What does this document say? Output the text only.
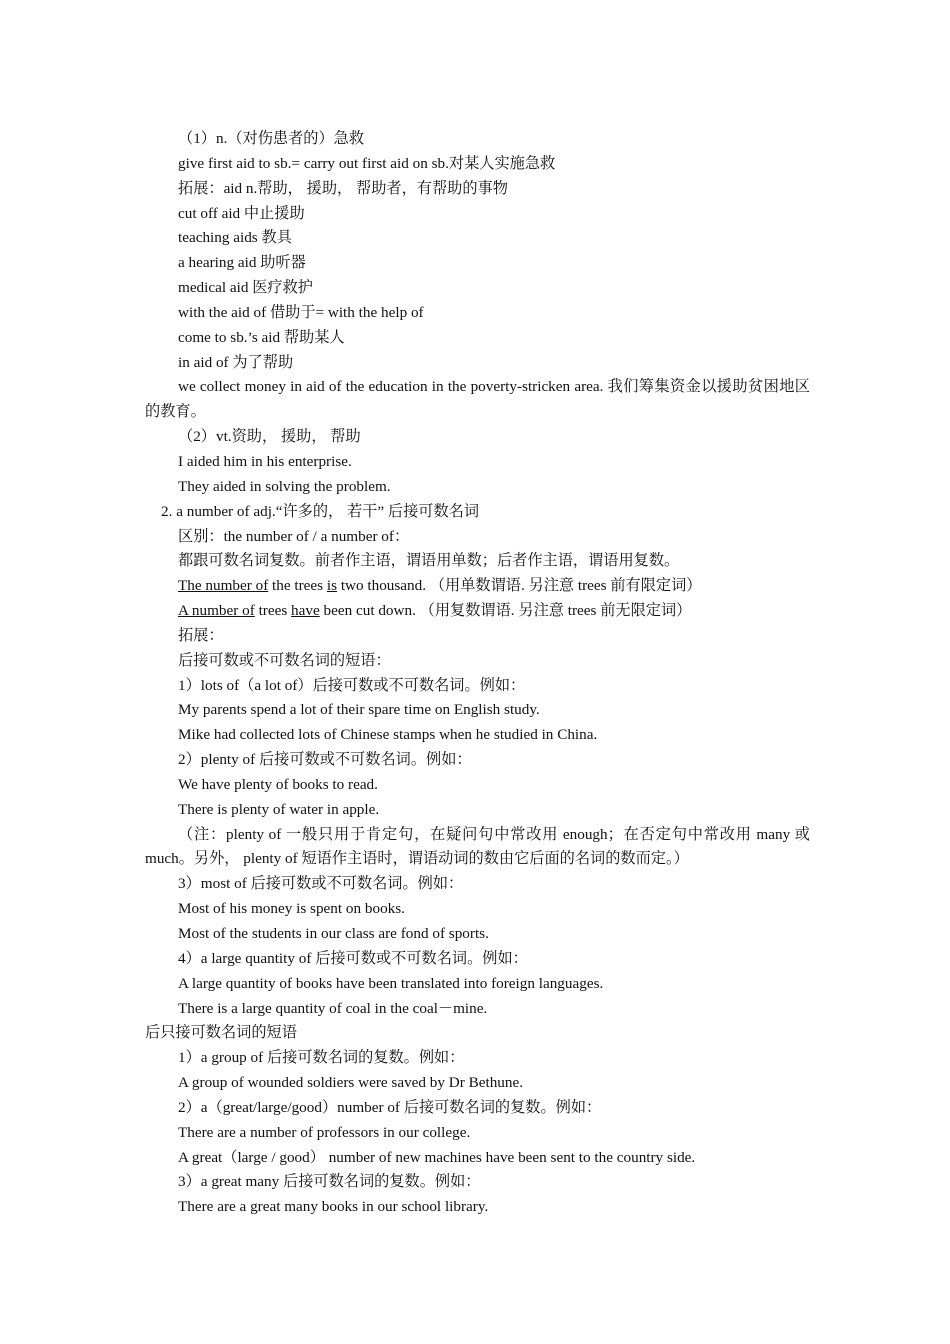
（1）n.（对伤患者的）急救
give first aid to sb.= carry out first aid on sb.对某人实施急救
拓展：aid n.帮助， 援助， 帮助者，有帮助的事物
cut off aid 中止援助
teaching aids 教具
a hearing aid 助听器
medical aid 医疗救护
with the aid of 借助于= with the help of
come to sb.’s aid 帮助某人
in aid of 为了帮助
we collect money in aid of the education in the poverty-stricken area. 我们筹集资金以援助贫困地区的教育。
（2）vt.资助， 援助， 帮助
I aided him in his enterprise.
They aided in solving the problem.
2. a number of adj.“许多的， 若干” 后接可数名词
区别：the number of / a number of：
都跟可数名词复数。前者作主语，谓语用单数；后者作主语，谓语用复数。
The number of the trees is two thousand. （用单数谓语. 另注意 trees 前有限定词）
A number of trees have been cut down. （用复数谓语. 另注意 trees 前无限定词）
拓展：
后接可数或不可数名词的短语：
1）lots of（a lot of）后接可数或不可数名词。例如：
My parents spend a lot of their spare time on English study.
Mike had collected lots of Chinese stamps when he studied in China.
2）plenty of 后接可数或不可数名词。例如：
We have plenty of books to read.
There is plenty of water in apple.
（注：plenty of 一般只用于肯定句，在疑问句中常改用 enough；在否定句中常改用 many 或 much。另外， plenty of 短语作主语时，谓语动词的数由它后面的名词的数而定。）
3）most of 后接可数或不可数名词。例如：
Most of his money is spent on books.
Most of the students in our class are fond of sports.
4）a large quantity of 后接可数或不可数名词。例如：
A large quantity of books have been translated into foreign languages.
There is a large quantity of coal in the coal－mine.
后只接可数名词的短语
1）a group of 后接可数名词的复数。例如：
A group of wounded soldiers were saved by Dr Bethune.
2）a（great/large/good）number of 后接可数名词的复数。例如：
There are a number of professors in our college.
A great（large / good） number of new machines have been sent to the country side.
3）a great many 后接可数名词的复数。例如：
There are a great many books in our school library.
